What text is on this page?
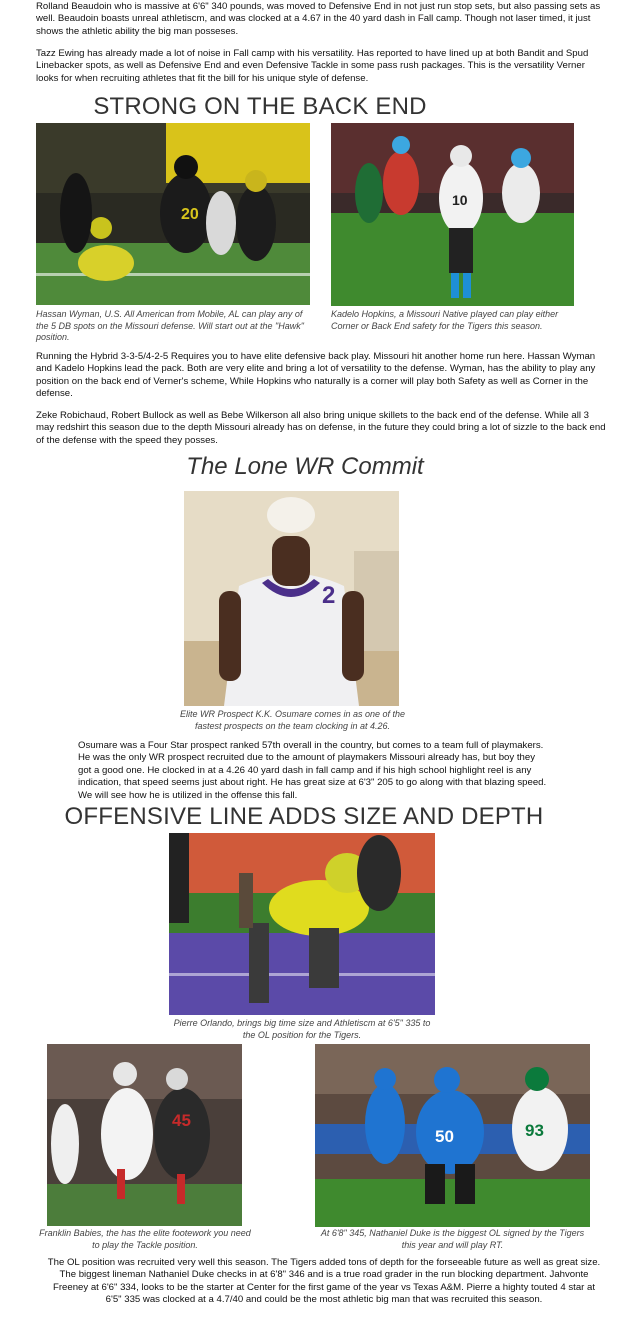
Rolland Beaudoin who is massive at 6'6" 340 pounds, was moved to Defensive End in not just run stop sets, but also passing sets as well. Beaudoin boasts unreal athletiscm, and was clocked at a 4.67 in the 40 yard dash in Fall camp. Though not laser timed, it just shows the athletic ability the big man posseses.

Tazz Ewing has already made a lot of noise in Fall camp with his versatility. Has reported to have lined up at both Bandit and Spud Linebacker spots, as well as Defensive End and even Defensive Tackle in some pass rush packages. This is the versatility Verner looks for when recruiting athletes that fit the bill for his unique style of defense.

STRONG ON THE BACK END
20

Hassan Wyman, U.S. All American from Mobile, AL can play any of the 5 DB spots on the Missouri defense. Will start out at the "Hawk" position.

10

Kadelo Hopkins, a Missouri Native played can play either Corner or Back End safety for the Tigers this season.

Running the Hybrid 3-3-5/4-2-5 Requires you to have elite defensive back play. Missouri hit another home run here. Hassan Wyman and Kadelo Hopkins lead the pack. Both are very elite and bring a lot of versatility to the defense. Wyman, has the ability to play any position on the back end of Verner's scheme, While Hopkins who naturally is a corner will play both Safety as well as Corner in the defense.

Zeke Robichaud, Robert Bullock as well as Bebe Wilkerson all also bring unique skillets to the back end of the defense. While all 3 may redshirt this season due to the depth Missouri already has on defense, in the future they could bring a lot of sizzle to the back end of the defense with the speed they posses.

The Lone WR Commit
2

Elite WR Prospect K.K. Osumare comes in as one of the fastest prospects on the team clocking in at 4.26.

Osumare was a Four Star prospect ranked 57th overall in the country, but comes to a team full of playmakers. He was the only WR prospect recruited due to the amount of playmakers Missouri already has, but boy they got a good one. He clocked in at a 4.26 40 yard dash in fall camp and if his high school highlight reel is any indication, that speed seems just about right. He has great size at 6'3" 205 to go along with that blazing speed. We will see how he is utilized in the offense this fall.

OFFENSIVE LINE ADDS SIZE AND DEPTH

Pierre Orlando, brings big time size and Athletiscm at 6'5" 335 to the OL position for the Tigers.

45

Franklin Babies, the has the elite footework you need to play the Tackle position.

50	93

At 6'8" 345, Nathaniel Duke is the biggest OL signed by the Tigers this year and will play RT.

The OL position was recruited very well this season. The Tigers added tons of depth for the forseeable future as well as great size. The biggest lineman Nathaniel Duke checks in at 6'8" 346 and is a true road grader in the run blocking department. Jahvonte Freeney at 6'6" 334, looks to be the starter at Center for the first game of the year vs Texas A&M. Pierre a highty touted 4 star at 6'5" 335 was clocked at a 4.7/40 and could be the most athletic big man that was recruited this season.
